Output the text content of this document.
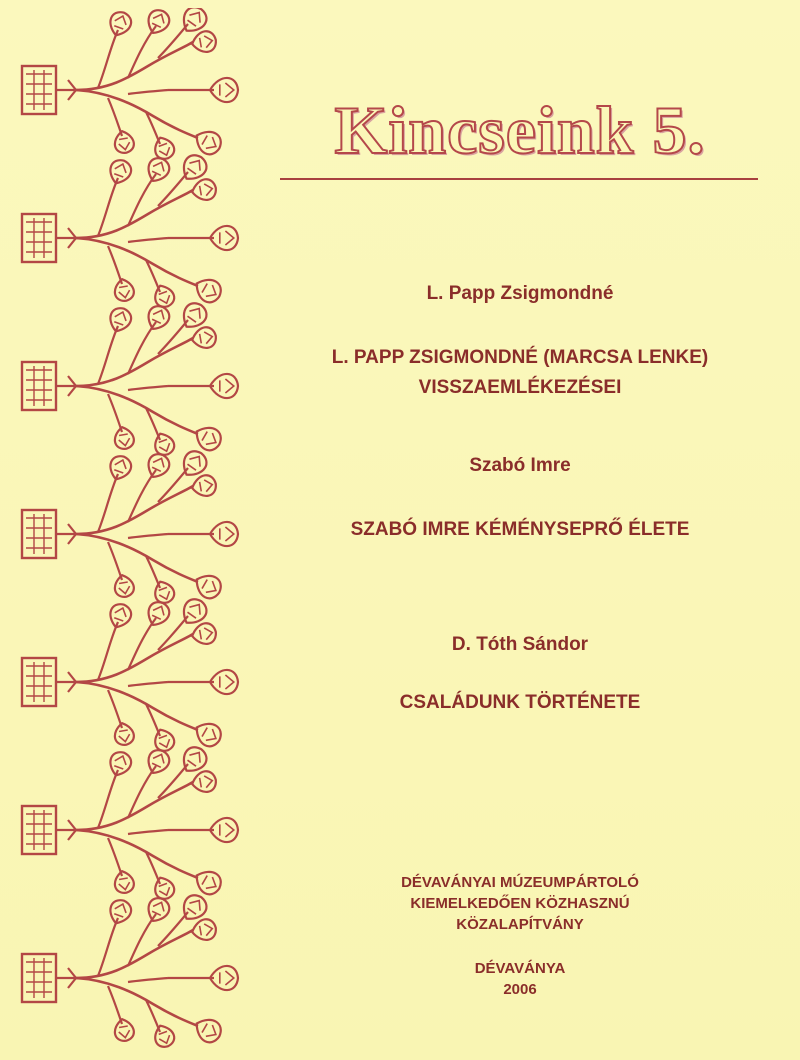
Kincseink 5.
L. Papp Zsigmondné
L. PAPP ZSIGMONDNÉ (MARCSA LENKE)
VISSZAEMLÉKEZÉSEI
Szabó Imre
SZABÓ IMRE KÉMÉNYSEPRŐ ÉLETE
D. Tóth Sándor
CSALÁDUNK TÖRTÉNETE
DÉVAVÁNYAI MÚZEUMPÁRTOLÓ
KIEMELKEDŐEN KÖZHASZNÚ
KÖZALAPÍTVÁNY
DÉVAVÁNYA
2006
